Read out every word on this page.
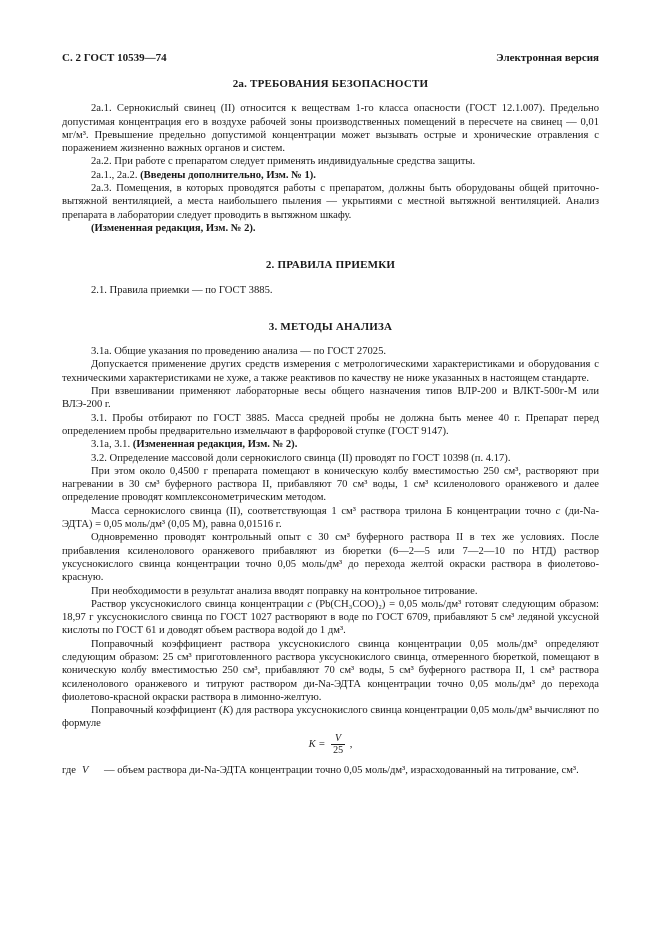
С. 2 ГОСТ 10539—74	Электронная версия
2а. ТРЕБОВАНИЯ БЕЗОПАСНОСТИ

2а.1. Сернокислый свинец (II) относится к веществам 1-го класса опасности (ГОСТ 12.1.007). Предельно допустимая концентрация его в воздухе рабочей зоны производственных помещений в пересчете на свинец — 0,01 мг/м³. Превышение предельно допустимой концентрации может вызывать острые и хронические отравления с поражением жизненно важных органов и систем.

2а.2. При работе с препаратом следует применять индивидуальные средства защиты.

2а.1., 2а.2. (Введены дополнительно, Изм. № 1).

2а.3. Помещения, в которых проводятся работы с препаратом, должны быть оборудованы общей приточно-вытяжной вентиляцией, а места наибольшего пыления — укрытиями с местной вытяжной вентиляцией. Анализ препарата в лаборатории следует проводить в вытяжном шкафу.

(Измененная редакция, Изм. № 2).

2. ПРАВИЛА ПРИЕМКИ

2.1. Правила приемки — по ГОСТ 3885.

3. МЕТОДЫ АНАЛИЗА

3.1а. Общие указания по проведению анализа — по ГОСТ 27025.

Допускается применение других средств измерения с метрологическими характеристиками и оборудования с техническими характеристиками не хуже, а также реактивов по качеству не ниже указанных в настоящем стандарте.

При взвешивании применяют лабораторные весы общего назначения типов ВЛР-200 и ВЛКТ-500г-М или ВЛЭ-200 г.

3.1. Пробы отбирают по ГОСТ 3885. Масса средней пробы не должна быть менее 40 г. Препарат перед определением пробы предварительно измельчают в фарфоровой ступке (ГОСТ 9147).

3.1а, 3.1. (Измененная редакция, Изм. № 2).

3.2. Определение массовой доли сернокислого свинца (II) проводят по ГОСТ 10398 (п. 4.17).

При этом около 0,4500 г препарата помещают в коническую колбу вместимостью 250 см³, растворяют при нагревании в 30 см³ буферного раствора II, прибавляют 70 см³ воды, 1 см³ ксиленолового оранжевого и далее определение проводят комплексонометрическим методом.

Масса сернокислого свинца (II), соответствующая 1 см³ раствора трилона Б концентрации точно c (ди-Na-ЭДТА) = 0,05 моль/дм³ (0,05 М), равна 0,01516 г.

Одновременно проводят контрольный опыт с 30 см³ буферного раствора II в тех же условиях. После прибавления ксиленолового оранжевого прибавляют из бюретки (6—2—5 или 7—2—10 по НТД) раствор уксуснокислого свинца концентрации точно 0,05 моль/дм³ до перехода желтой окраски раствора в фиолетово-красную.

При необходимости в результат анализа вводят поправку на контрольное титрование.

Раствор уксуснокислого свинца концентрации c (Pb(CH₃COO)₂) = 0,05 моль/дм³ готовят следующим образом: 18,97 г уксуснокислого свинца по ГОСТ 1027 растворяют в воде по ГОСТ 6709, прибавляют 5 см³ ледяной уксусной кислоты по ГОСТ 61 и доводят объем раствора водой до 1 дм³.

Поправочный коэффициент раствора уксуснокислого свинца концентрации 0,05 моль/дм³ определяют следующим образом: 25 см³ приготовленного раствора уксуснокислого свинца, отмеренного бюреткой, помещают в коническую колбу вместимостью 250 см³, прибавляют 70 см³ воды, 5 см³ буферного раствора II, 1 см³ раствора ксиленолового оранжевого и титруют раствором ди-Na-ЭДТА концентрации точно 0,05 моль/дм³ до перехода фиолетово-красной окраски раствора в лимонно-желтую.

Поправочный коэффициент (K) для раствора уксуснокислого свинца концентрации 0,05 моль/дм³ вычисляют по формуле

$K = \frac{V}{25}$ ,
где V	— объем раствора ди-Na-ЭДТА концентрации точно 0,05 моль/дм³, израсходованный на титрование, см³.
